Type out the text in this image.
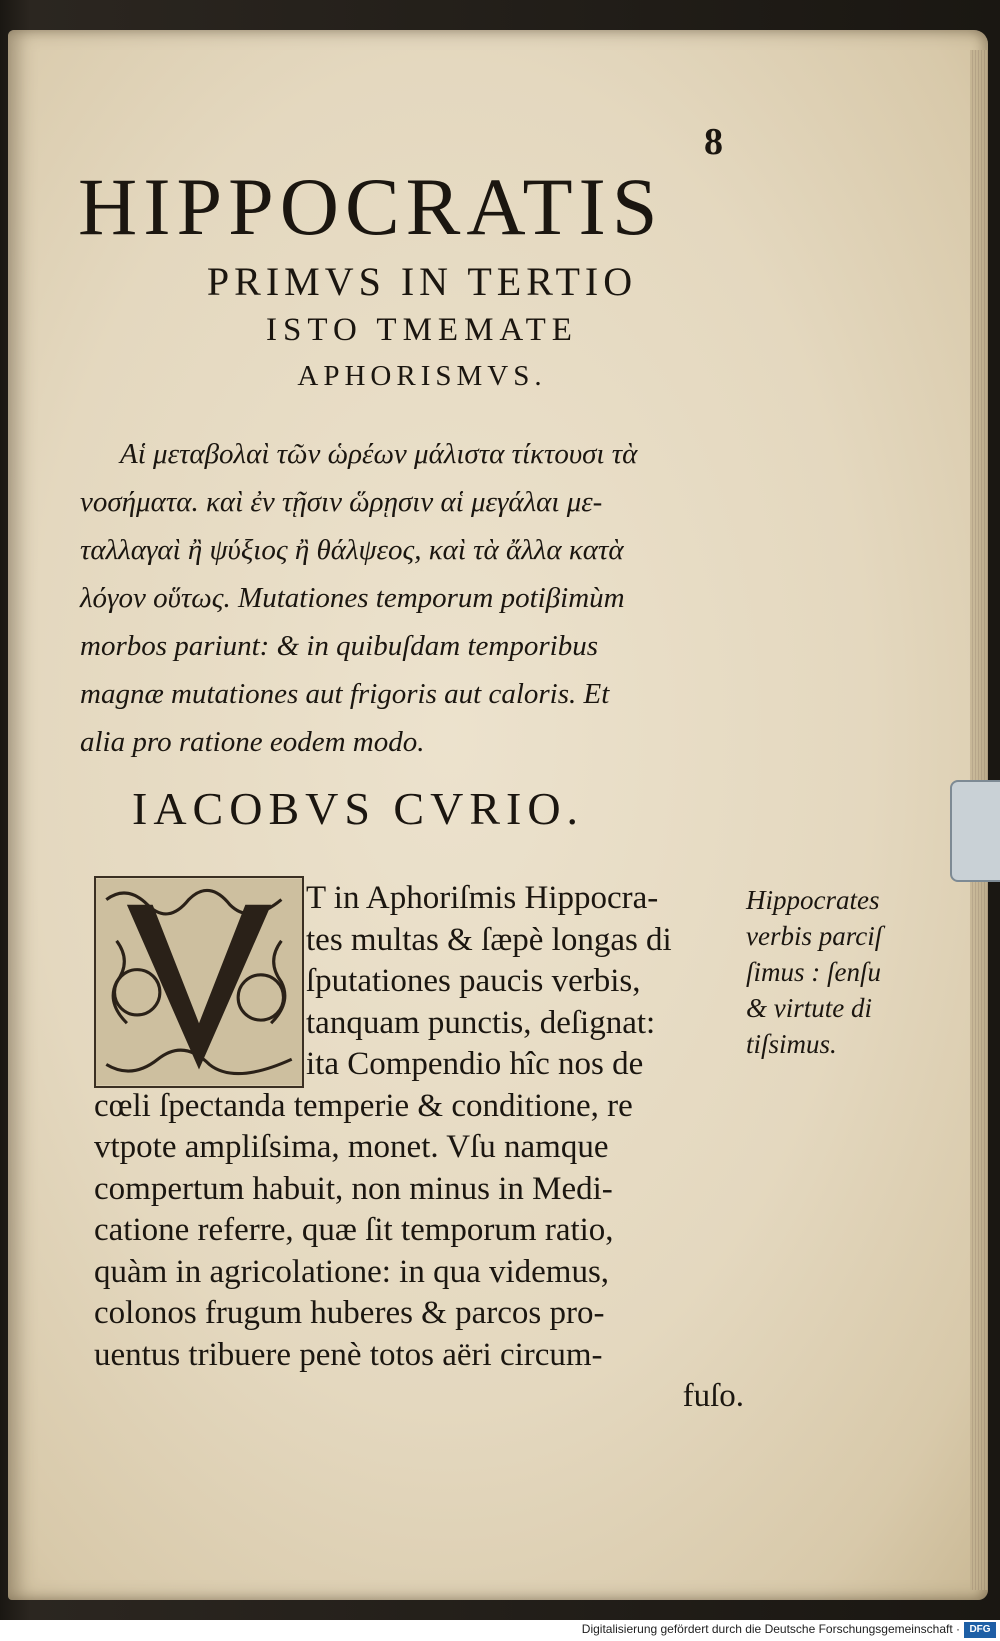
8
HIPPOCRATIS
PRIMVS IN TERTIO
ISTO TMEMATE
APHORISMVS.
Αἱ μεταβολαὶ τῶν ὡρέων μάλιστα τίκτουσι τὰ
νοσήματα. καὶ ἐν τῇσιν ὥρῃσιν αἱ μεγάλαι με-
ταλλαγαὶ ἢ ψύξιος ἢ θάλψεος, καὶ τὰ ἄλλα κατὰ
λόγον οὕτως. Mutationes temporum potiβimùm
morbos pariunt: & in quibuſdam temporibus
magnæ mutationes aut frigoris aut caloris. Et
alia pro ratione eodem modo.
IACOBVS CVRIO.
V
T in Aphoriſmis Hippocra-
tes multas & ſæpè longas di
ſputationes paucis verbis,
tanquam punctis, deſignat:
ita Compendio hîc nos de
cœli ſpectanda temperie & conditione, re
vtpote ampliſsima, monet. Vſu namque
compertum habuit, non minus in Medi-
catione referre, quæ ſit temporum ratio,
quàm in agricolatione: in qua videmus,
colonos frugum huberes & parcos pro-
uentus tribuere penè totos aëri circum-
fuſo.
Hippocrates
verbis parciſ
ſimus : ſenſu
& virtute di
tiſsimus.
Digitalisierung gefördert durch die Deutsche Forschungsgemeinschaft · DFG
